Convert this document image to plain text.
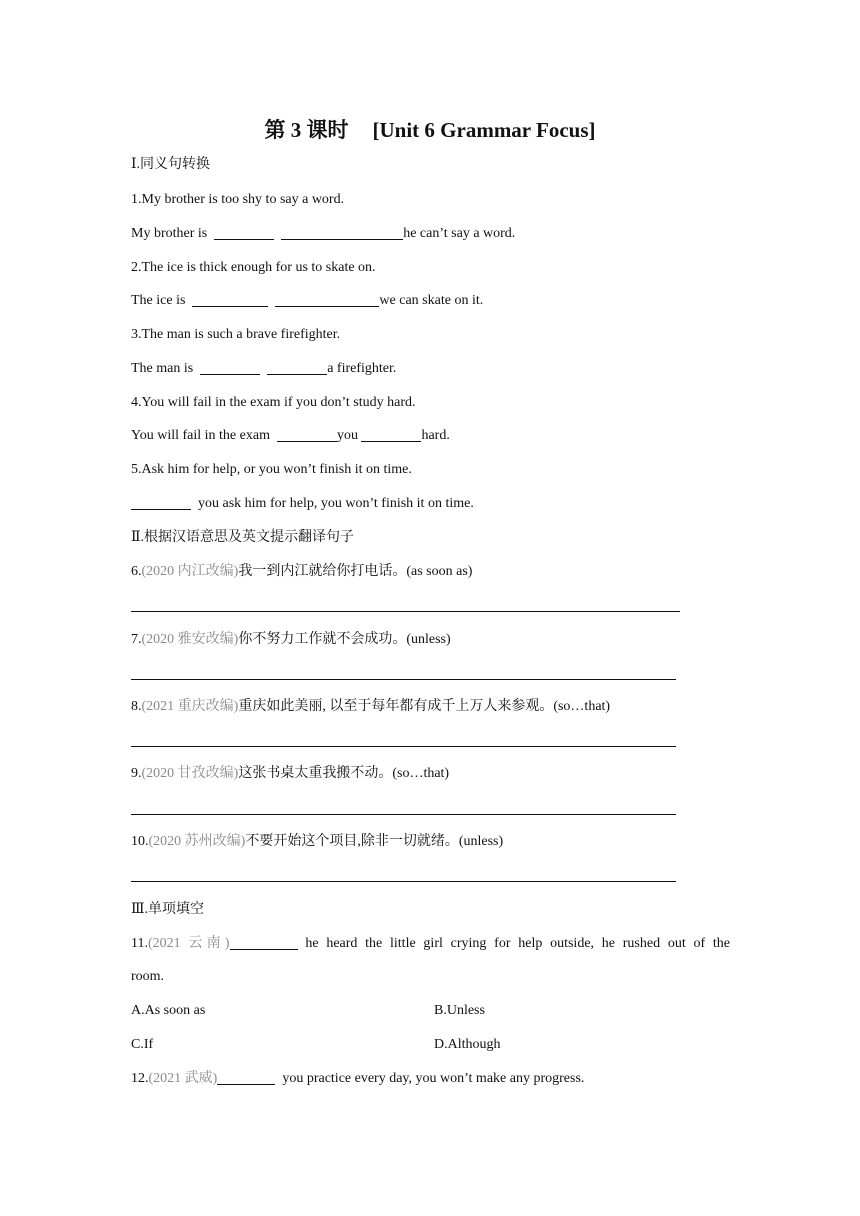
第 3 课时 [Unit 6 Grammar Focus]
Ⅰ.同义句转换
1.My brother is too shy to say a word.
My brother is	he can’t say a word.
2.The ice is thick enough for us to skate on.
The ice is	we can skate on it.
3.The man is such a brave firefighter.
The man is	a firefighter.
4.You will fail in the exam if you don’t study hard.
You will fail in the exam	you	hard.
5.Ask him for help, or you won’t finish it on time.
you ask him for help, you won’t finish it on time.
Ⅱ.根据汉语意思及英文提示翻译句子
6.(2020 内江改编)我一到内江就给你打电话。(as soon as)
7.(2020 雅安改编)你不努力工作就不会成功。(unless)
8.(2021 重庆改编)重庆如此美丽, 以至于每年都有成千上万人来参观。(so…that)
9.(2020 甘孜改编)这张书桌太重我搬不动。(so…that)
10.(2020 苏州改编)不要开始这个项目,除非一切就绪。(unless)
Ⅲ.单项填空
11.(2021 云南)	he heard the little girl crying for help outside, he rushed out of the
room.
A.As soon as	B.Unless
C.If	D.Although
12.(2021 武威)	you practice every day, you won’t make any progress.
